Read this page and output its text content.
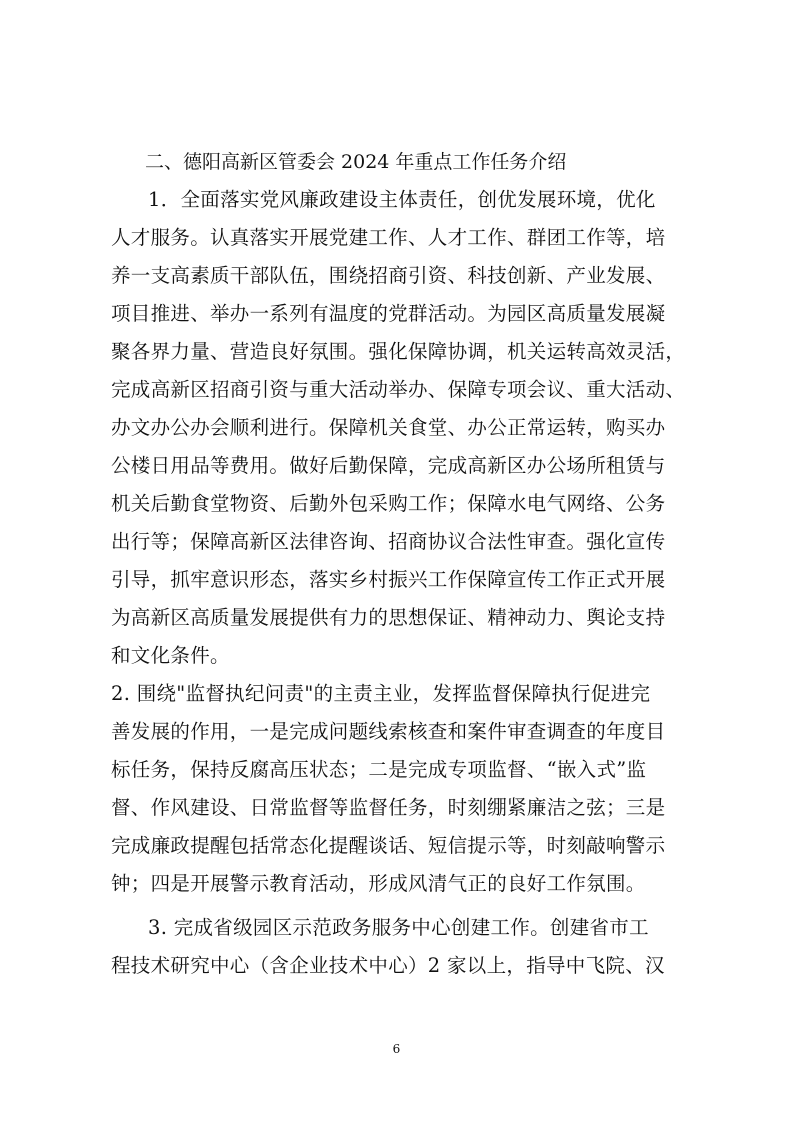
二、德阳高新区管委会 2024 年重点工作任务介绍
1．全面落实党风廉政建设主体责任，创优发展环境，优化
人才服务。认真落实开展党建工作、人才工作、群团工作等，培
养一支高素质干部队伍，围绕招商引资、科技创新、产业发展、
项目推进、举办一系列有温度的党群活动。为园区高质量发展凝
聚各界力量、营造良好氛围。强化保障协调，机关运转高效灵活，
完成高新区招商引资与重大活动举办、保障专项会议、重大活动、
办文办公办会顺利进行。保障机关食堂、办公正常运转，购买办
公楼日用品等费用。做好后勤保障，完成高新区办公场所租赁与
机关后勤食堂物资、后勤外包采购工作；保障水电气网络、公务
出行等；保障高新区法律咨询、招商协议合法性审查。强化宣传
引导，抓牢意识形态，落实乡村振兴工作保障宣传工作正式开展
为高新区高质量发展提供有力的思想保证、精神动力、舆论支持
和文化条件。
2. 围绕"监督执纪问责"的主责主业，发挥监督保障执行促进完
善发展的作用，一是完成问题线索核查和案件审查调查的年度目
标任务，保持反腐高压状态；二是完成专项监督、“嵌入式”监
督、作风建设、日常监督等监督任务，时刻绷紧廉洁之弦；三是
完成廉政提醒包括常态化提醒谈话、短信提示等，时刻敲响警示
钟；四是开展警示教育活动，形成风清气正的良好工作氛围。
3. 完成省级园区示范政务服务中心创建工作。创建省市工
程技术研究中心（含企业技术中心）2 家以上，指导中飞院、汉
6
